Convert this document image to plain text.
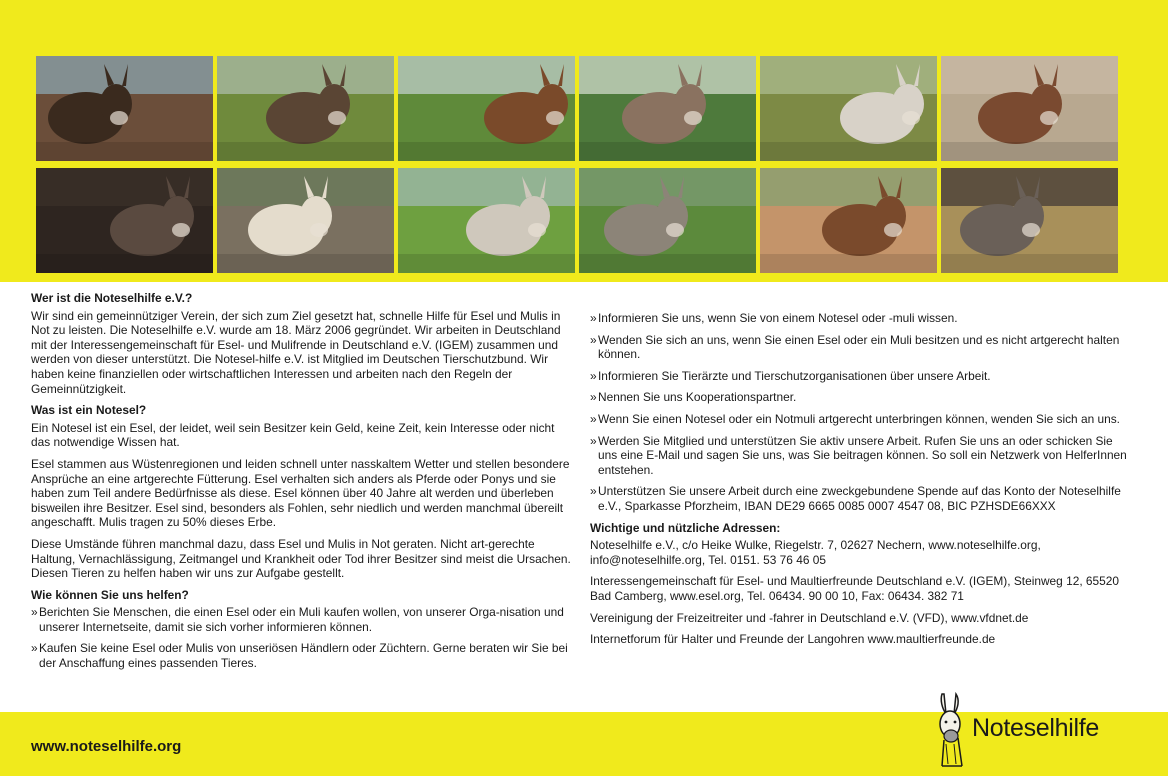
Wer ist die Noteselhilfe e.V.?
Wir sind ein gemeinnütziger Verein, der sich zum Ziel gesetzt hat, schnelle Hilfe für Esel und Mulis in Not zu leisten. Die Noteselhilfe e.V. wurde am 18. März 2006 gegründet. Wir arbeiten in Deutschland mit der Interessengemeinschaft für Esel- und Mulifrende in Deutschland e.V. (IGEM) zusammen und werden von dieser unterstützt. Die Notesel-hilfe e.V. ist Mitglied im Deutschen Tierschutzbund. Wir haben keine finanziellen oder wirtschaftlichen Interessen und arbeiten nach den Regeln der Gemeinnützigkeit.
Was ist ein Notesel?
Ein Notesel ist ein Esel, der leidet, weil sein Besitzer kein Geld, keine Zeit, kein Interesse oder nicht das notwendige Wissen hat.
Esel stammen aus Wüstenregionen und leiden schnell unter nasskaltem Wetter und stellen besondere Ansprüche an eine artgerechte Fütterung. Esel verhalten sich anders als Pferde oder Ponys und sie haben zum Teil andere Bedürfnisse als diese. Esel können über 40 Jahre alt werden und überleben bisweilen ihre Besitzer. Esel sind, besonders als Fohlen, sehr niedlich und werden manchmal übereilt angeschafft. Mulis tragen zu 50% dieses Erbe.
Diese Umstände führen manchmal dazu, dass Esel und Mulis in Not geraten. Nicht art-gerechte Haltung, Vernachlässigung, Zeitmangel und Krankheit oder Tod ihrer Besitzer sind meist die Ursachen. Diesen Tieren zu helfen haben wir uns zur Aufgabe gestellt.
Wie können Sie uns helfen?
» Berichten Sie Menschen, die einen Esel oder ein Muli kaufen wollen, von unserer Orga-nisation und unserer Internetseite, damit sie sich vorher informieren können.
» Kaufen Sie keine Esel oder Mulis von unseriösen Händlern oder Züchtern. Gerne beraten wir Sie bei der Anschaffung eines passenden Tieres.
» Informieren Sie uns, wenn Sie von einem Notesel oder -muli wissen.
» Wenden Sie sich an uns, wenn Sie einen Esel oder ein Muli besitzen und es nicht artgerecht halten können.
» Informieren Sie Tierärzte und Tierschutzorganisationen über unsere Arbeit.
» Nennen Sie uns Kooperationspartner.
» Wenn Sie einen Notesel oder ein Notmuli artgerecht unterbringen können, wenden Sie sich an uns.
» Werden Sie Mitglied und unterstützen Sie aktiv unsere Arbeit. Rufen Sie uns an oder schicken Sie uns eine E-Mail und sagen Sie uns, was Sie beitragen können. So soll ein Netzwerk von HelferInnen entstehen.
» Unterstützen Sie unsere Arbeit durch eine zweckgebundene Spende auf das Konto der Noteselhilfe e.V., Sparkasse Pforzheim, IBAN DE29 6665 0085 0007 4547 08, BIC PZHSDE66XXX
Wichtige und nützliche Adressen:
Noteselhilfe e.V., c/o Heike Wulke, Riegelstr. 7, 02627 Nechern, www.noteselhilfe.org, info@noteselhilfe.org, Tel. 0151. 53 76 46 05
Interessengemeinschaft für Esel- und Maultierfreunde Deutschland e.V. (IGEM), Steinweg 12, 65520 Bad Camberg, www.esel.org, Tel. 06434. 90 00 10, Fax: 06434. 382 71
Vereinigung der Freizeitreiter und -fahrer in Deutschland e.V. (VFD), www.vfdnet.de
Internetforum für Halter und Freunde der Langohren www.maultierfreunde.de
www.noteselhilfe.org
Noteselhilfe
